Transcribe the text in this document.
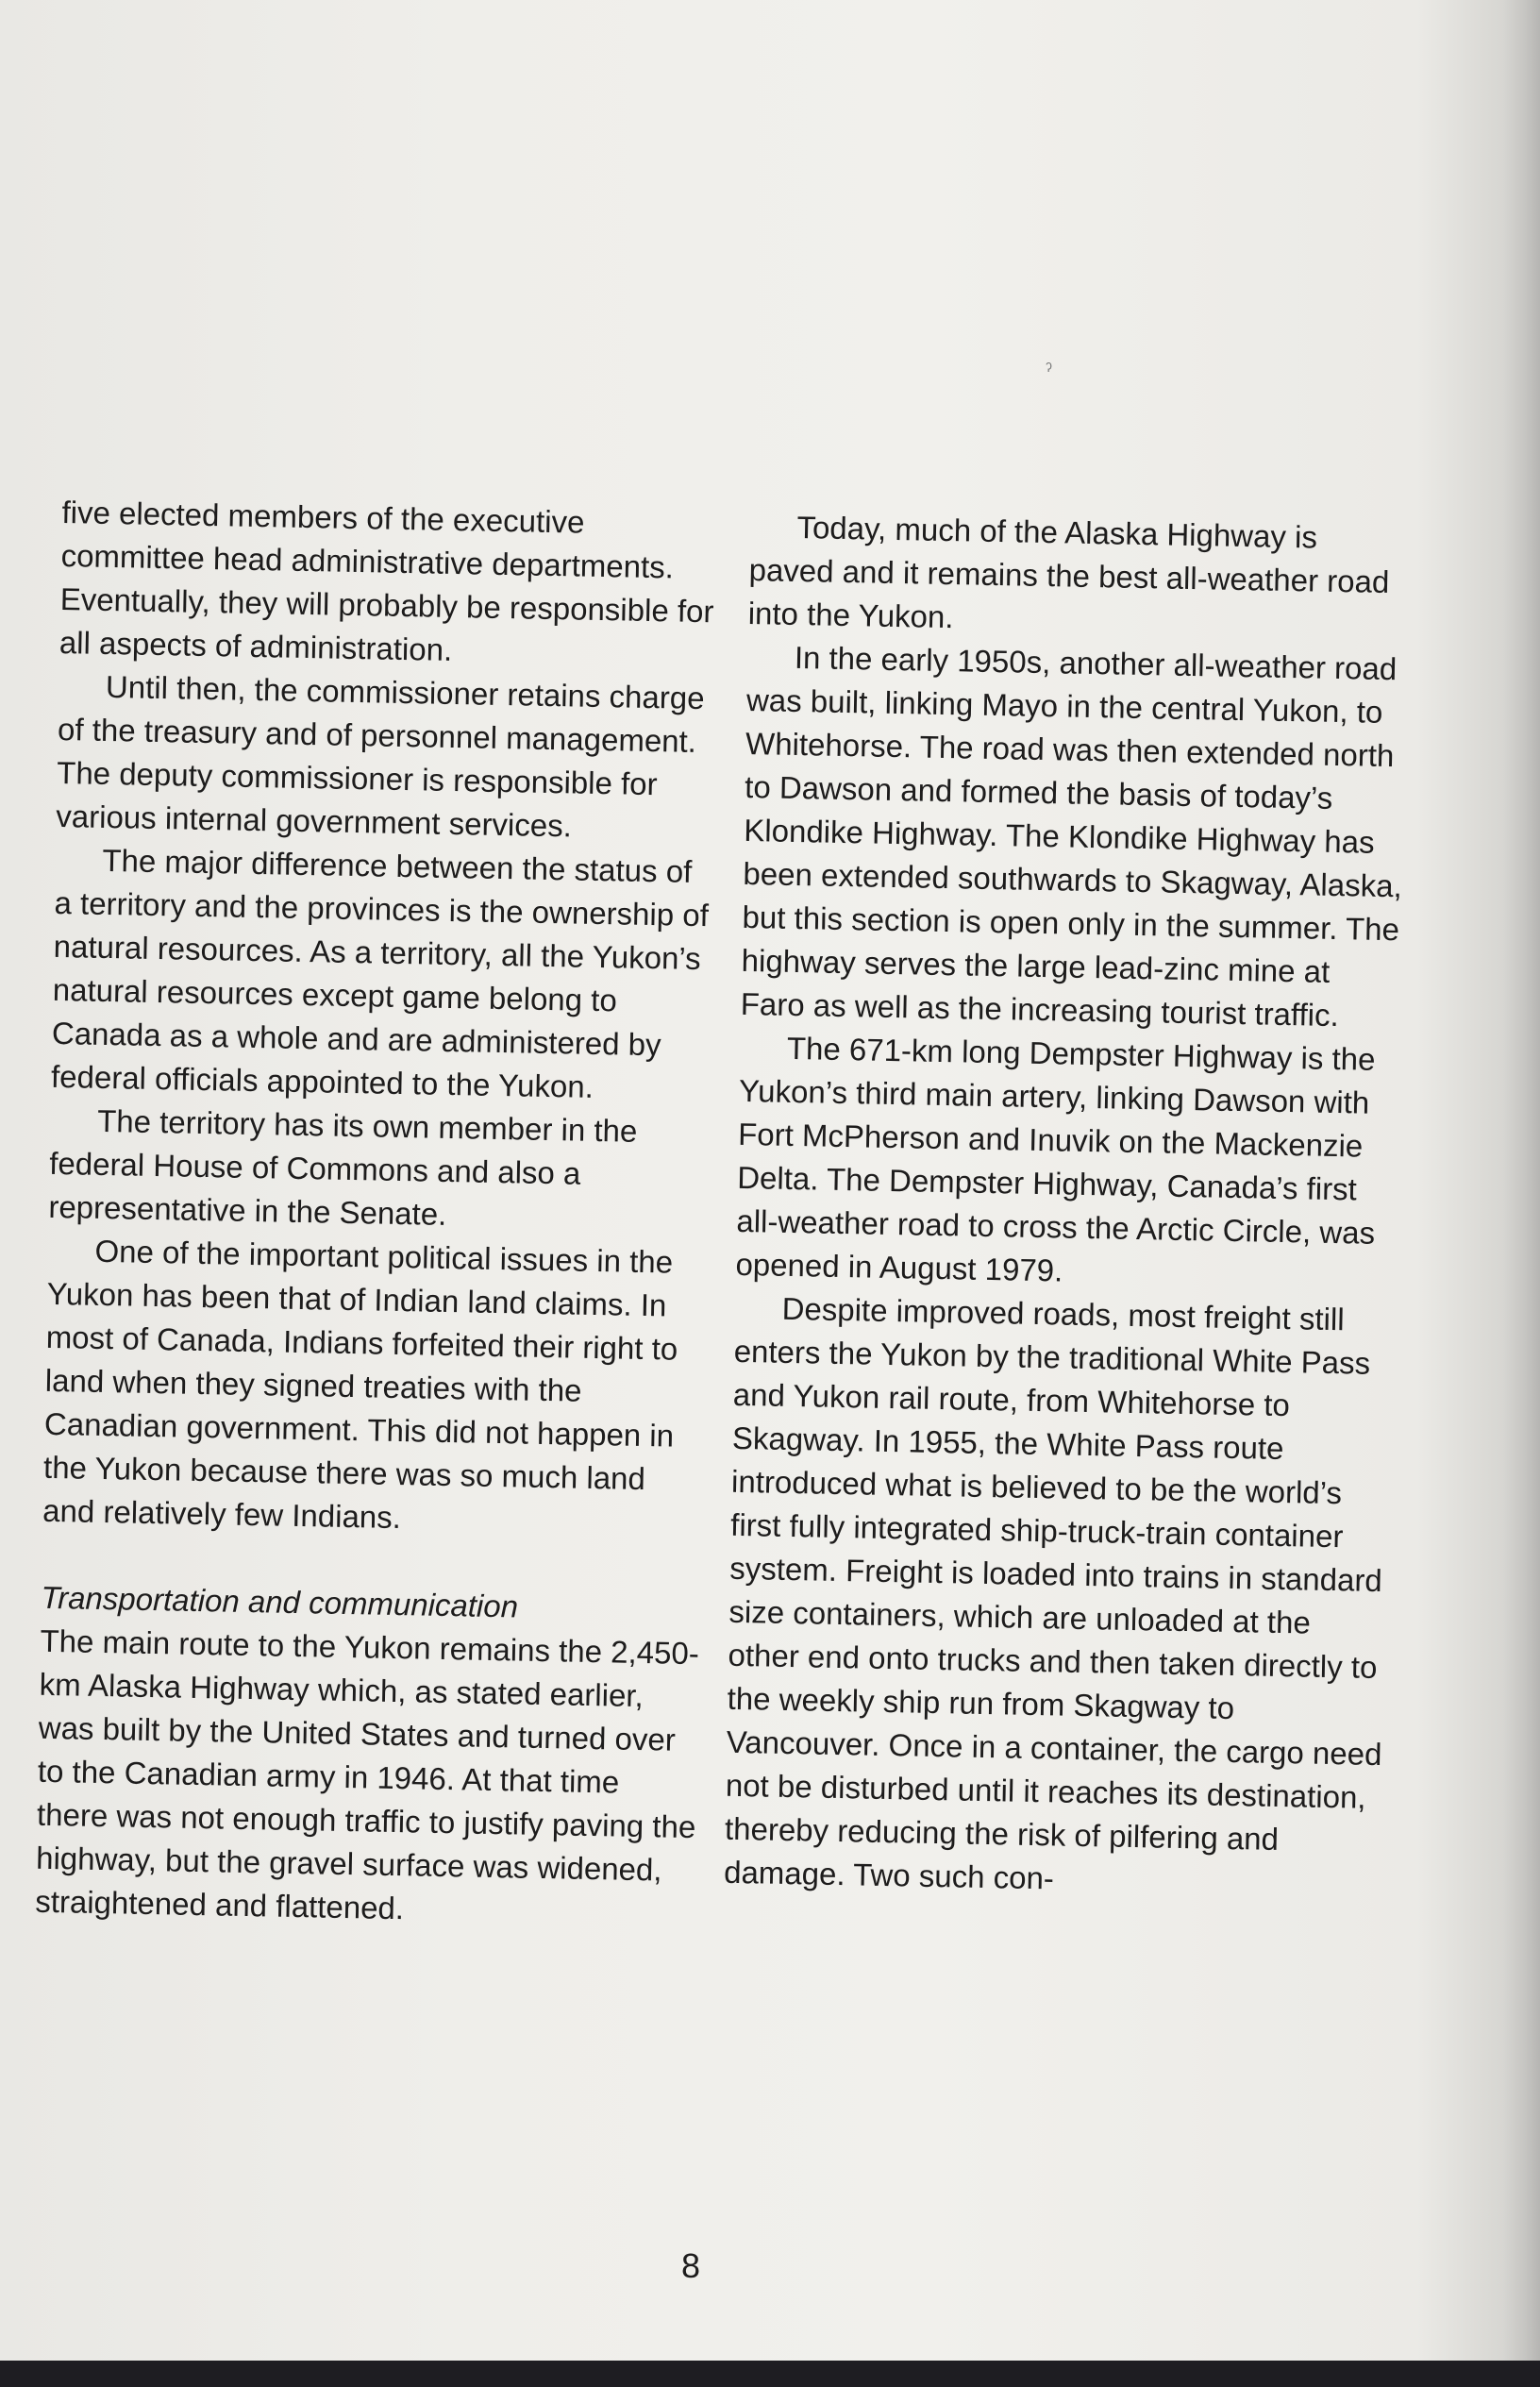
ˀ

five elected members of the executive committee head administrative departments. Eventually, they will probably be responsible for all aspects of administration.

Until then, the commissioner retains charge of the treasury and of personnel management. The deputy commissioner is responsible for various internal government services.

The major difference between the status of a territory and the provinces is the ownership of natural resources. As a territory, all the Yukon’s natural resources except game belong to Canada as a whole and are administered by federal officials appointed to the Yukon.

The territory has its own member in the federal House of Commons and also a representative in the Senate.

One of the important political issues in the Yukon has been that of Indian land claims. In most of Canada, Indians forfeited their right to land when they signed treaties with the Canadian government. This did not happen in the Yukon because there was so much land and relatively few Indians.

Transportation and communication

The main route to the Yukon remains the 2,450-km Alaska Highway which, as stated earlier, was built by the United States and turned over to the Canadian army in 1946. At that time there was not enough traffic to justify paving the highway, but the gravel surface was widened, straightened and flattened.

Today, much of the Alaska Highway is paved and it remains the best all-weather road into the Yukon.

In the early 1950s, another all-weather road was built, linking Mayo in the central Yukon, to Whitehorse. The road was then extended north to Dawson and formed the basis of today’s Klondike Highway. The Klondike Highway has been extended southwards to Skagway, Alaska, but this section is open only in the summer. The highway serves the large lead-zinc mine at Faro as well as the increasing tourist traffic.

The 671-km long Dempster Highway is the Yukon’s third main artery, linking Dawson with Fort McPherson and Inuvik on the Mackenzie Delta. The Dempster Highway, Canada’s first all-weather road to cross the Arctic Circle, was opened in August 1979.

Despite improved roads, most freight still enters the Yukon by the traditional White Pass and Yukon rail route, from Whitehorse to Skagway. In 1955, the White Pass route introduced what is believed to be the world’s first fully integrated ship-truck-train container system. Freight is loaded into trains in standard size containers, which are unloaded at the other end onto trucks and then taken directly to the weekly ship run from Skagway to Vancouver. Once in a container, the cargo need not be disturbed until it reaches its destination, thereby reducing the risk of pilfering and damage. Two such con-

8
